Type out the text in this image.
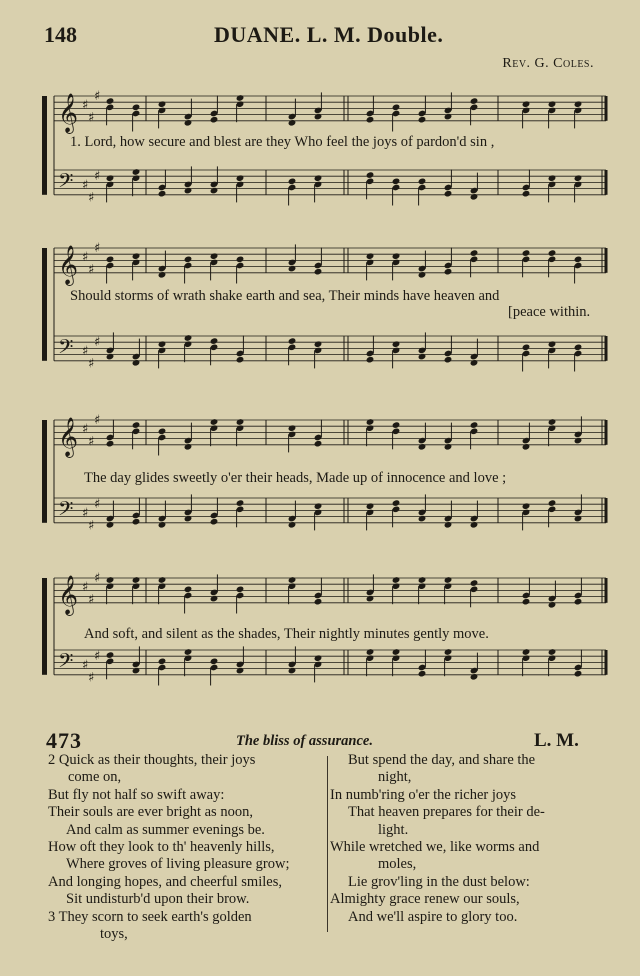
148	DUANE. L. M. Double.
Rev. G. Coles.
𝄞 ♯
♯
♯
𝄢 ♯
♯
♯
1. Lord, how secure and blest are they Who feel the joys of pardon'd sin ,
𝄞 ♯
♯
♯
𝄢 ♯
♯
♯
Should storms of wrath shake earth and sea, Their minds have heaven and
[peace within.
𝄞 ♯
♯
♯
𝄢 ♯
♯
♯
The day glides sweetly o'er their heads, Made up of innocence and love ;
𝄞 ♯
♯
♯
𝄢 ♯
♯
♯
And soft, and silent as the shades, Their nightly minutes gently move.
473	The bliss of assurance.	L. M.
2 Quick as their thoughts, their joys
come on,
But fly not half so swift away:
Their souls are ever bright as noon,
And calm as summer evenings be.
How oft they look to th' heavenly hills,
Where groves of living pleasure grow;
And longing hopes, and cheerful smiles,
Sit undisturb'd upon their brow.
3 They scorn to seek earth's golden
toys,
But spend the day, and share the
night,
In numb'ring o'er the richer joys
That heaven prepares for their de-
light.
While wretched we, like worms and
moles,
Lie grov'ling in the dust below:
Almighty grace renew our souls,
And we'll aspire to glory too.
